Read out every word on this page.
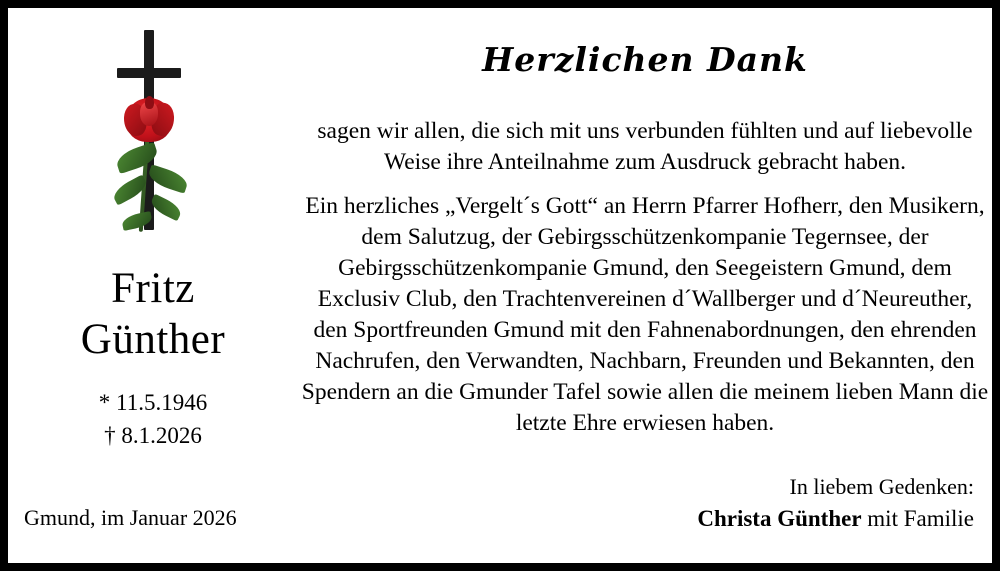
Fritz
Günther
* 11.5.1946
† 8.1.2026
Gmund, im Januar 2026
Herzlichen Dank
sagen wir allen, die sich mit uns verbunden fühlten und auf liebevolle Weise ihre Anteilnahme zum Ausdruck gebracht haben.
Ein herzliches „Vergelt´s Gott“ an Herrn Pfarrer Hofherr, den Musikern, dem Salutzug, der Gebirgsschützenkompanie Tegernsee, der Gebirgsschützenkompanie Gmund, den Seegeistern Gmund, dem Exclusiv Club, den Trachtenvereinen d´Wallberger und d´Neureuther, den Sportfreunden Gmund mit den Fahnenabordnungen, den ehrenden Nachrufen, den Verwandten, Nachbarn, Freunden und Bekannten, den Spendern an die Gmunder Tafel sowie allen die meinem lieben Mann die letzte Ehre erwiesen haben.
In liebem Gedenken:
Christa Günther mit Familie
